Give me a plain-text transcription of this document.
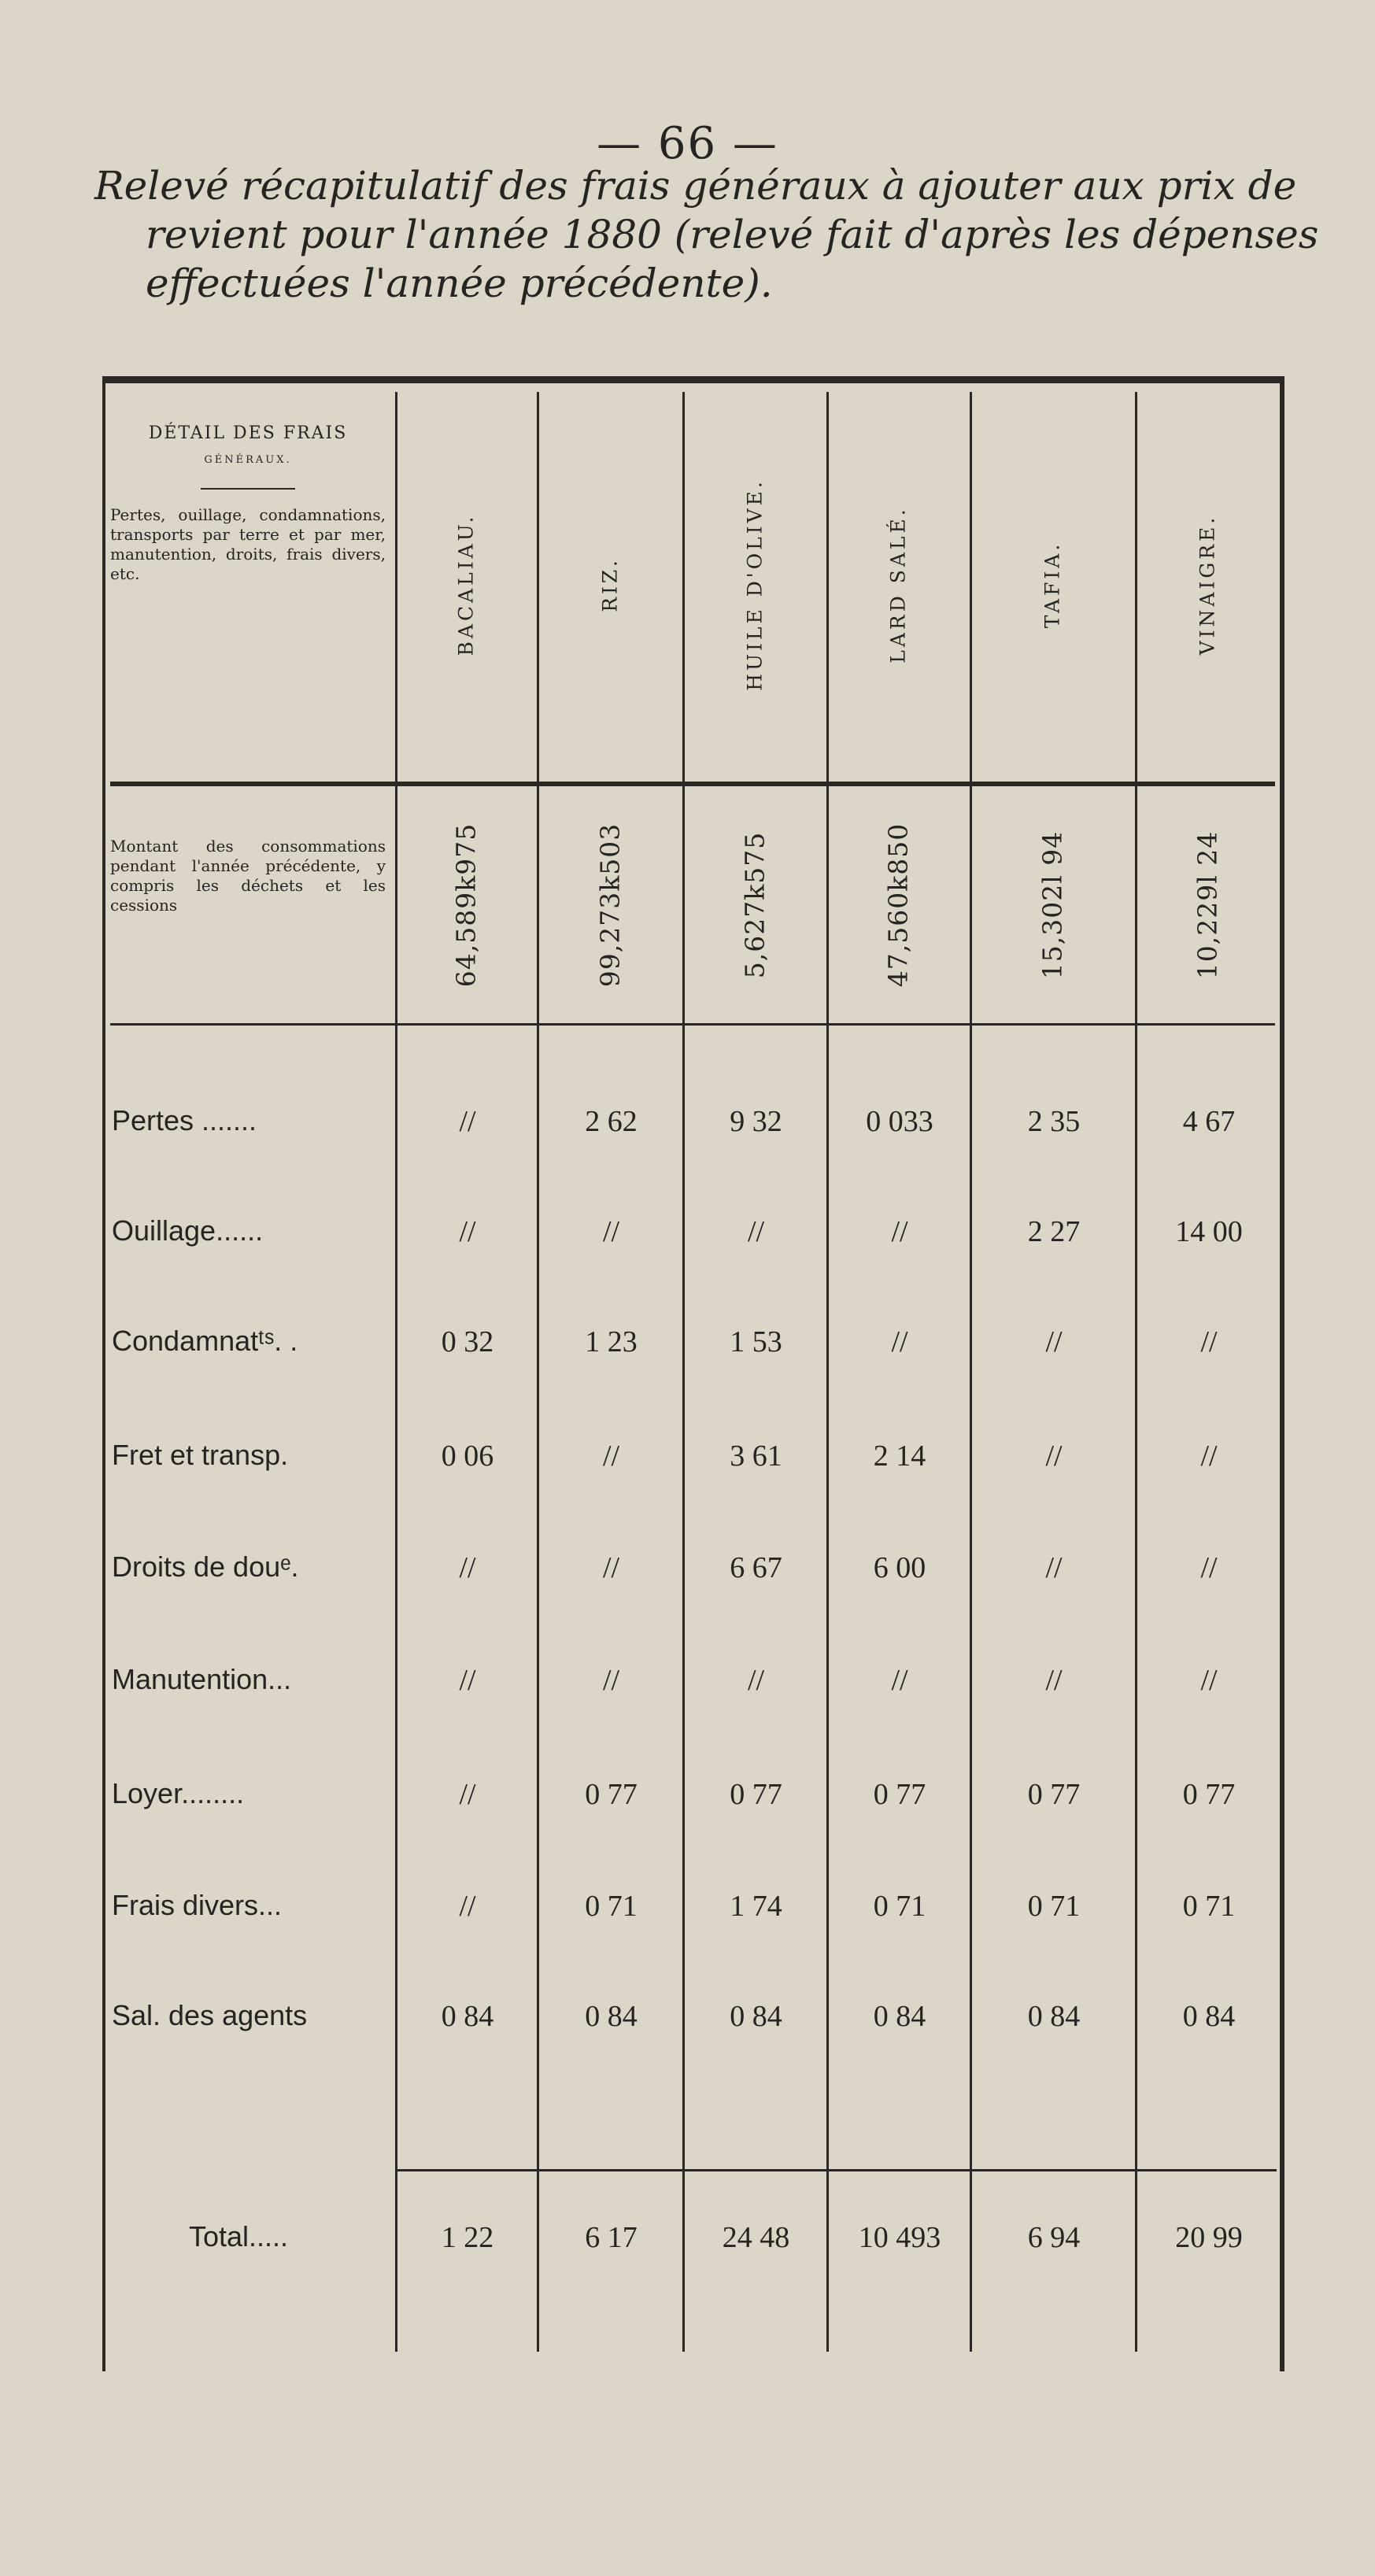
— 66 —
Relevé récapitulatif des frais généraux à ajouter aux prix de
revient pour l'année 1880 (relevé fait d'après les dépenses
effectuées l'année précédente).
DÉTAIL DES FRAIS
GÉNÉRAUX.
Pertes, ouillage, condamnations, transports par terre et par mer, manutention, droits, frais divers, etc.	BACALIAU.	RIZ.	HUILE D'OLIVE.	LARD SALÉ.	TAFIA.	VINAIGRE.
Montant des consommations pendant l'année précédente, y compris les déchets et les cessions	64,589k975	99,273k503	5,627k575	47,560k850	15,302l 94	10,229l 24
Pertes .......	//	2 62	9 32	0 033	2 35	4 67
Ouillage......	//	//	//	//	2 27	14 00
Condamnatᵗˢ. .	0 32	1 23	1 53	//	//	//
Fret et transp.	0 06	//	3 61	2 14	//	//
Droits de douᵉ.	//	//	6 67	6 00	//	//
Manutention...	//	//	//	//	//	//
Loyer........	//	0 77	0 77	0 77	0 77	0 77
Frais divers...	//	0 71	1 74	0 71	0 71	0 71
Sal. des agents	0 84	0 84	0 84	0 84	0 84	0 84
Total.....	1 22	6 17	24 48	10 493	6 94	20 99
